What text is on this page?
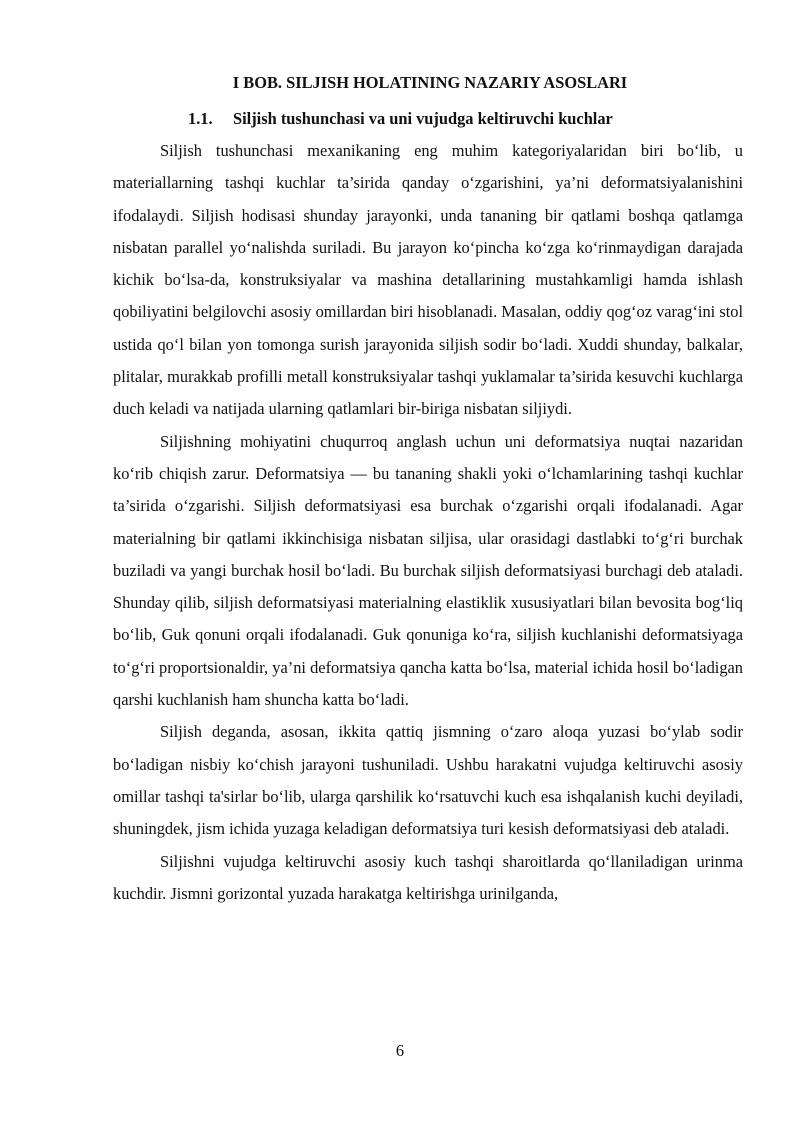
I BOB. SILJISH HOLATINING NAZARIY ASOSLARI
1.1. Siljish tushunchasi va uni vujudga keltiruvchi kuchlar

Siljish tushunchasi mexanikaning eng muhim kategoriyalaridan biri bo‘lib, u materiallarning tashqi kuchlar ta’sirida qanday o‘zgarishini, ya’ni deformatsiyalanishini ifodalaydi. Siljish hodisasi shunday jarayonki, unda tananing bir qatlami boshqa qatlamga nisbatan parallel yo‘nalishda suriladi. Bu jarayon ko‘pincha ko‘zga ko‘rinmaydigan darajada kichik bo‘lsa-da, konstruksiyalar va mashina detallarining mustahkamligi hamda ishlash qobiliyatini belgilovchi asosiy omillardan biri hisoblanadi. Masalan, oddiy qog‘oz varag‘ini stol ustida qo‘l bilan yon tomonga surish jarayonida siljish sodir bo‘ladi. Xuddi shunday, balkalar, plitalar, murakkab profilli metall konstruksiyalar tashqi yuklamalar ta’sirida kesuvchi kuchlarga duch keladi va natijada ularning qatlamlari bir-biriga nisbatan siljiydi.

Siljishning mohiyatini chuqurroq anglash uchun uni deformatsiya nuqtai nazaridan ko‘rib chiqish zarur. Deformatsiya — bu tananing shakli yoki o‘lchamlarining tashqi kuchlar ta’sirida o‘zgarishi. Siljish deformatsiyasi esa burchak o‘zgarishi orqali ifodalanadi. Agar materialning bir qatlami ikkinchisiga nisbatan siljisa, ular orasidagi dastlabki to‘g‘ri burchak buziladi va yangi burchak hosil bo‘ladi. Bu burchak siljish deformatsiyasi burchagi deb ataladi. Shunday qilib, siljish deformatsiyasi materialning elastiklik xususiyatlari bilan bevosita bog‘liq bo‘lib, Guk qonuni orqali ifodalanadi. Guk qonuniga ko‘ra, siljish kuchlanishi deformatsiyaga to‘g‘ri proportsionaldir, ya’ni deformatsiya qancha katta bo‘lsa, material ichida hosil bo‘ladigan qarshi kuchlanish ham shuncha katta bo‘ladi.

Siljish deganda, asosan, ikkita qattiq jismning o‘zaro aloqa yuzasi bo‘ylab sodir bo‘ladigan nisbiy ko‘chish jarayoni tushuniladi. Ushbu harakatni vujudga keltiruvchi asosiy omillar tashqi ta'sirlar bo‘lib, ularga qarshilik ko‘rsatuvchi kuch esa ishqalanish kuchi deyiladi, shuningdek, jism ichida yuzaga keladigan deformatsiya turi kesish deformatsiyasi deb ataladi.

Siljishni vujudga keltiruvchi asosiy kuch tashqi sharoitlarda qo‘llaniladigan urinma kuchdir. Jismni gorizontal yuzada harakatga keltirishga urinilganda,

6
